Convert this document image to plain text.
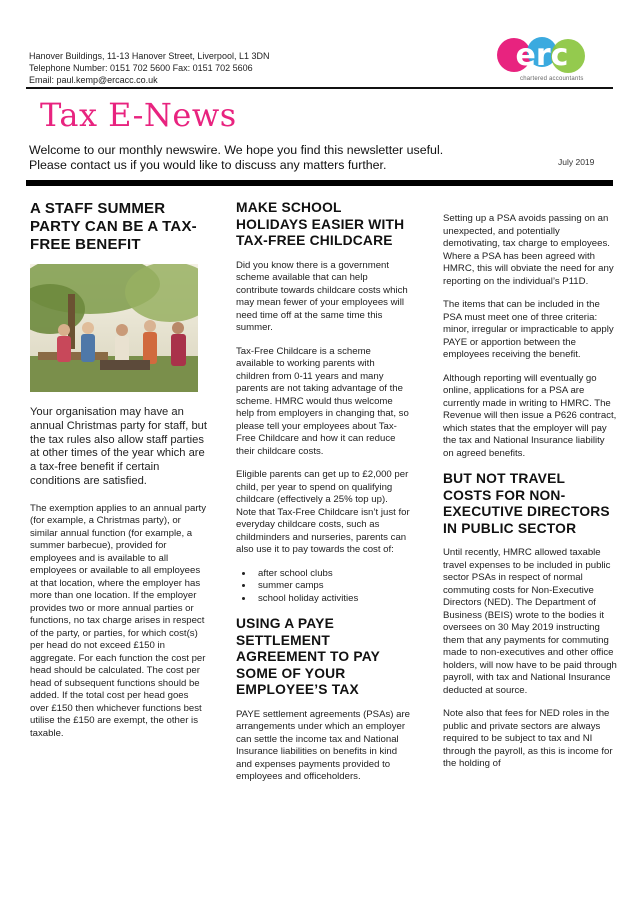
Hanover Buildings, 11-13 Hanover Street, Liverpool, L1 3DN
Telephone Number: 0151 702 5600 Fax: 0151 702 5606
Email: paul.kemp@ercacc.co.uk
erc
chartered accountants
Tax E-News
Welcome to our monthly newswire. We hope you find this newsletter useful.
Please contact us if you would like to discuss any matters further.	July 2019
A STAFF SUMMER PARTY CAN BE A TAX-FREE BENEFIT
Your organisation may have an annual Christmas party for staff, but the tax rules also allow staff parties at other times of the year which are a tax-free benefit if certain conditions are satisfied.
The exemption applies to an annual party (for example, a Christmas party), or similar annual function (for example, a summer barbecue), provided for employees and is available to all employees or available to all employees at that location, where the employer has more than one location. If the employer provides two or more annual parties or functions, no tax charge arises in respect of the party, or parties, for which cost(s) per head do not exceed £150 in aggregate. For each function the cost per head should be calculated. The cost per head of subsequent functions should be added. If the total cost per head goes over £150 then whichever functions best utilise the £150 are exempt, the other is taxable.
MAKE SCHOOL HOLIDAYS EASIER WITH TAX-FREE CHILDCARE
Did you know there is a government scheme available that can help contribute towards childcare costs which may mean fewer of your employees will need time off at the same time this summer.
Tax-Free Childcare is a scheme available to working parents with children from 0-11 years and many parents are not taking advantage of the scheme. HMRC would thus welcome help from employers in changing that, so please tell your employees about Tax-Free Childcare and how it can reduce their childcare costs.
Eligible parents can get up to £2,000 per child, per year to spend on qualifying childcare (effectively a 25% top up). Note that Tax-Free Childcare isn’t just for everyday childcare costs, such as childminders and nurseries, parents can also use it to pay towards the cost of:
• after school clubs
• summer camps
• school holiday activities
USING A PAYE SETTLEMENT AGREEMENT TO PAY SOME OF YOUR EMPLOYEE’S TAX
PAYE settlement agreements (PSAs) are arrangements under which an employer can settle the income tax and National Insurance liabilities on benefits in kind and expenses payments provided to employees and officeholders.
Setting up a PSA avoids passing on an unexpected, and potentially demotivating, tax charge to employees. Where a PSA has been agreed with HMRC, this will obviate the need for any reporting on the individual’s P11D.
The items that can be included in the PSA must meet one of three criteria: minor, irregular or impracticable to apply PAYE or apportion between the employees receiving the benefit.
Although reporting will eventually go online, applications for a PSA are currently made in writing to HMRC. The Revenue will then issue a P626 contract, which states that the employer will pay the tax and National Insurance liability on agreed benefits.
BUT NOT TRAVEL COSTS FOR NON-EXECUTIVE DIRECTORS IN PUBLIC SECTOR
Until recently, HMRC allowed taxable travel expenses to be included in public sector PSAs in respect of normal commuting costs for Non-Executive Directors (NED). The Department of Business (BEIS) wrote to the bodies it oversees on 30 May 2019 instructing them that any payments for commuting made to non-executives and other office holders, will now have to be paid through payroll, with tax and National Insurance deducted at source.
Note also that fees for NED roles in the public and private sectors are always required to be subject to tax and NI through the payroll, as this is income for the holding of
